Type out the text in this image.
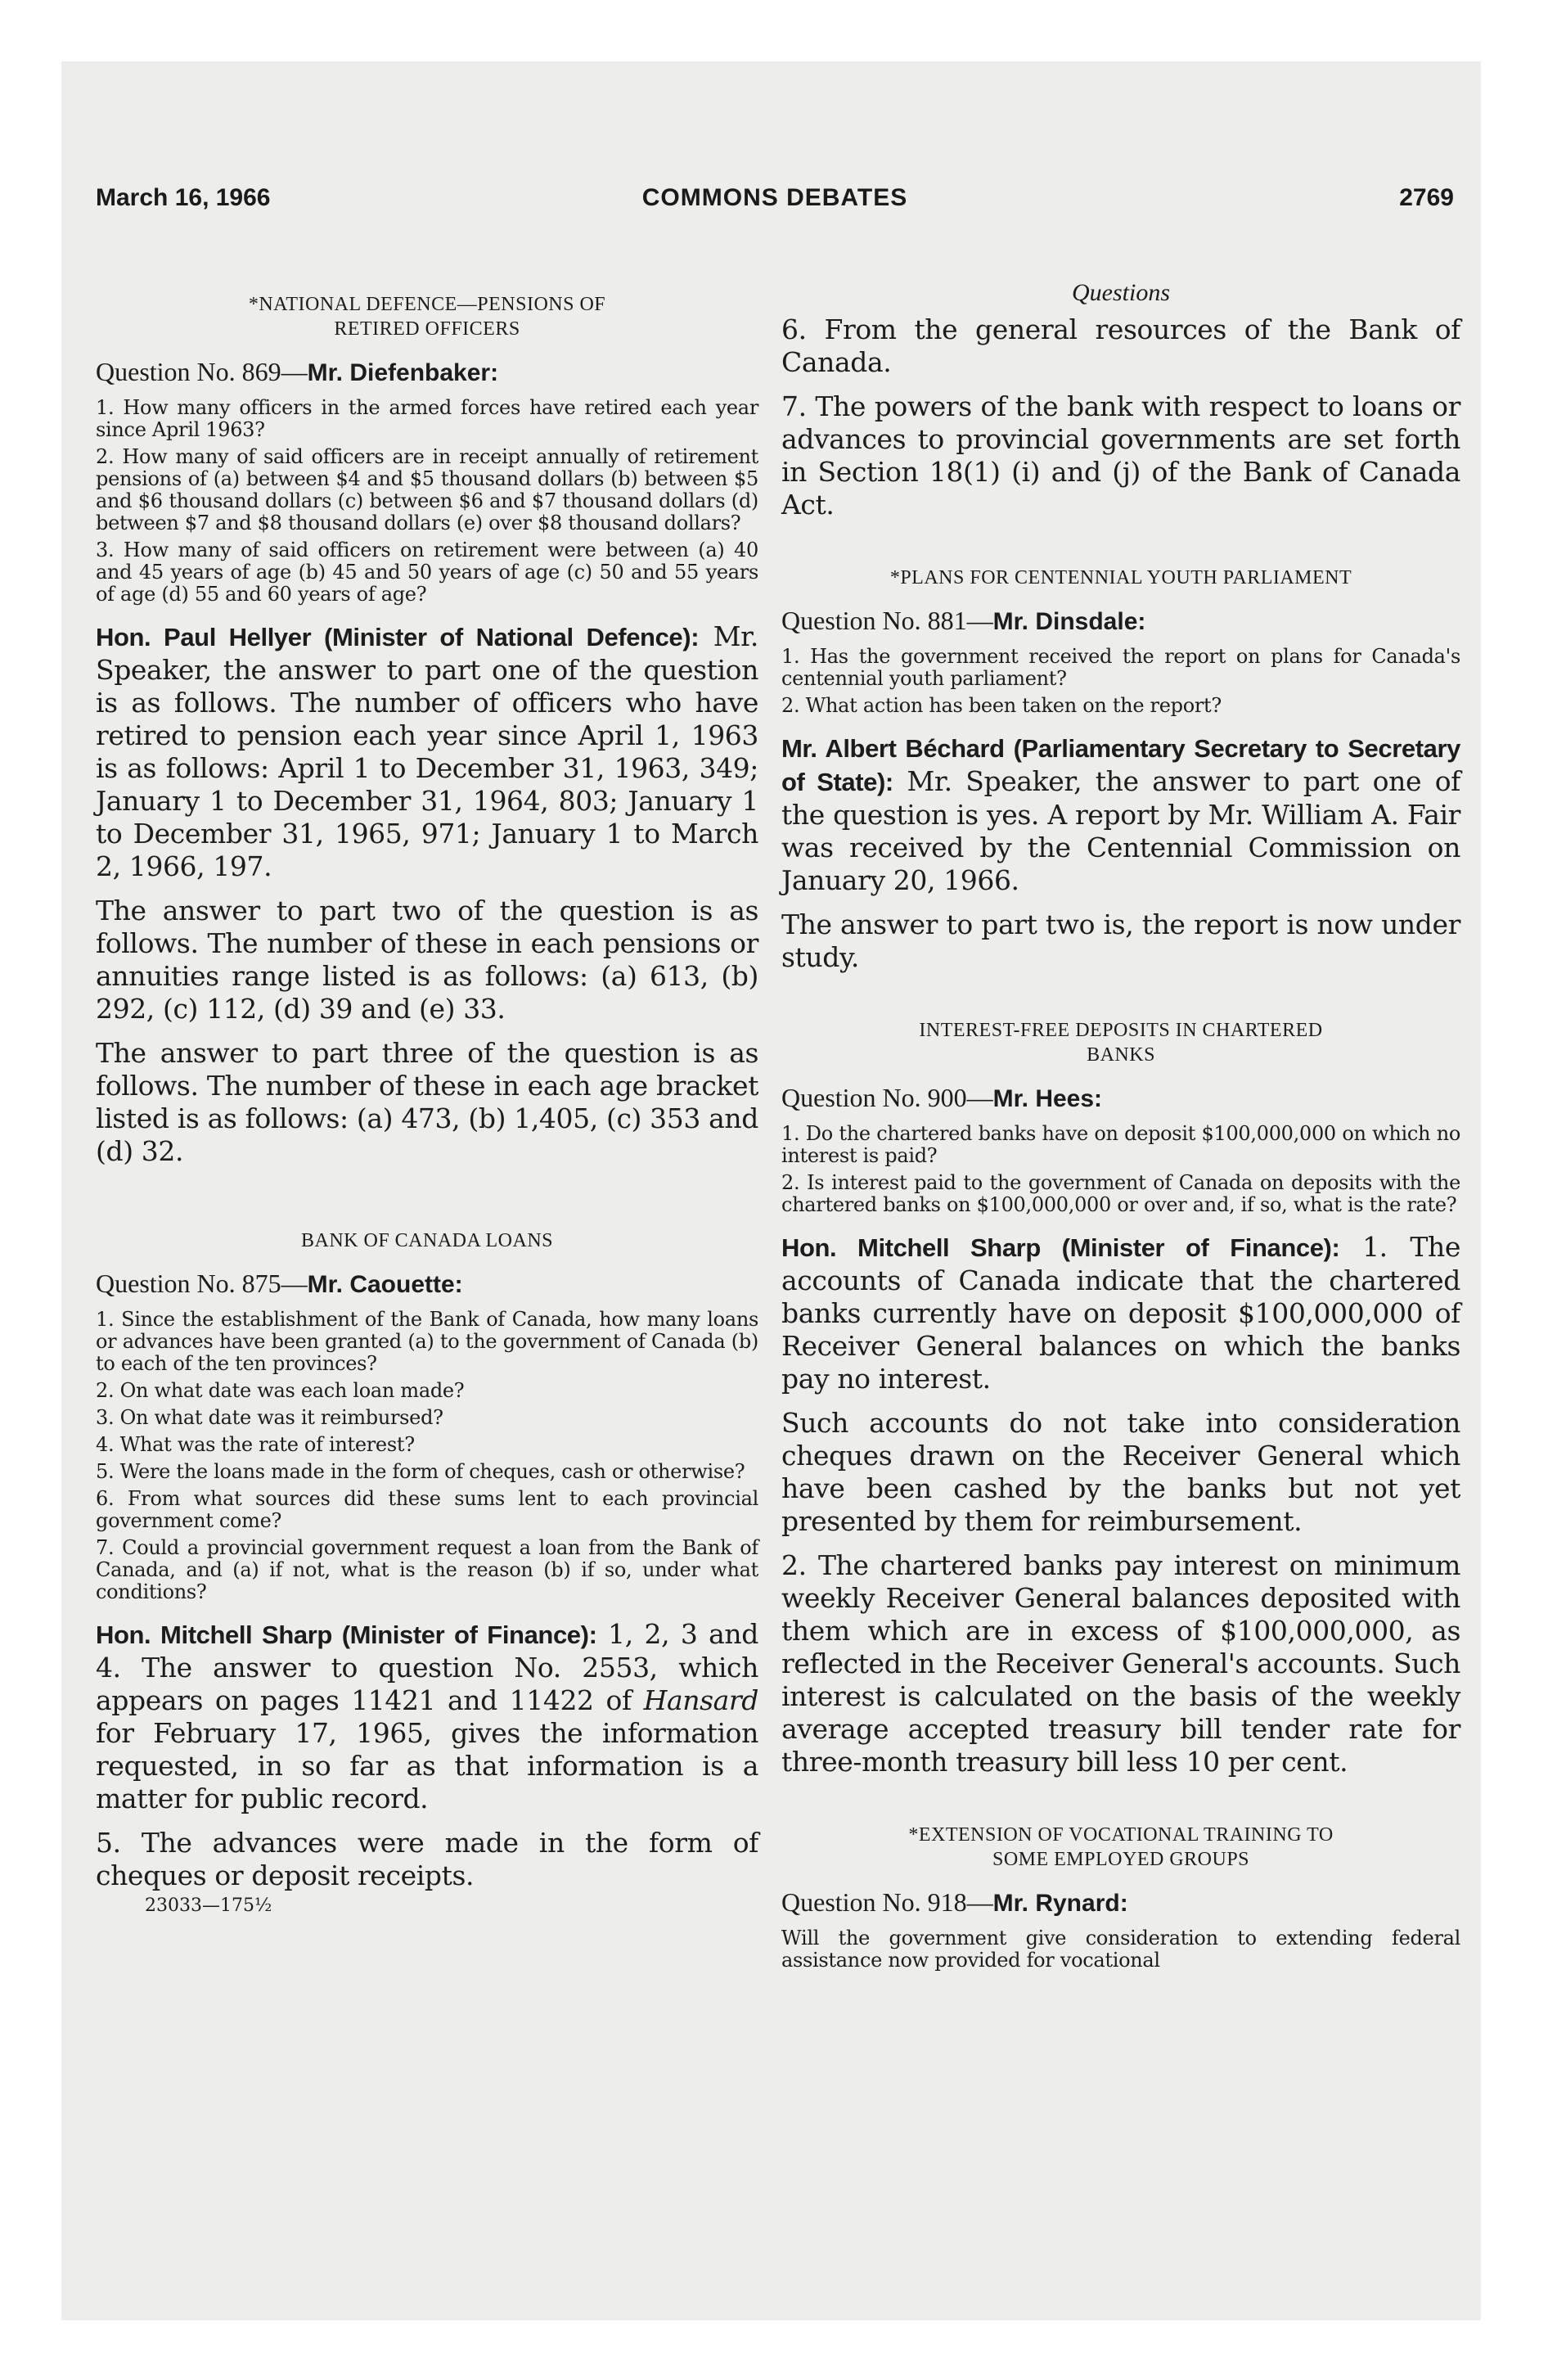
March 16, 1966	COMMONS DEBATES	2769
*NATIONAL DEFENCE—PENSIONS OF
RETIRED OFFICERS
Question No. 869—Mr. Diefenbaker:

1. How many officers in the armed forces have retired each year since April 1963?

2. How many of said officers are in receipt annually of retirement pensions of (a) between $4 and $5 thousand dollars (b) between $5 and $6 thousand dollars (c) between $6 and $7 thousand dollars (d) between $7 and $8 thousand dollars (e) over $8 thousand dollars?

3. How many of said officers on retirement were between (a) 40 and 45 years of age (b) 45 and 50 years of age (c) 50 and 55 years of age (d) 55 and 60 years of age?

Hon. Paul Hellyer (Minister of National Defence): Mr. Speaker, the answer to part one of the question is as follows. The number of officers who have retired to pension each year since April 1, 1963 is as follows: April 1 to December 31, 1963, 349; January 1 to December 31, 1964, 803; January 1 to December 31, 1965, 971; January 1 to March 2, 1966, 197.

The answer to part two of the question is as follows. The number of these in each pensions or annuities range listed is as follows: (a) 613, (b) 292, (c) 112, (d) 39 and (e) 33.

The answer to part three of the question is as follows. The number of these in each age bracket listed is as follows: (a) 473, (b) 1,405, (c) 353 and (d) 32.

BANK OF CANADA LOANS
Question No. 875—Mr. Caouette:

1. Since the establishment of the Bank of Canada, how many loans or advances have been granted (a) to the government of Canada (b) to each of the ten provinces?

2. On what date was each loan made?

3. On what date was it reimbursed?

4. What was the rate of interest?

5. Were the loans made in the form of cheques, cash or otherwise?

6. From what sources did these sums lent to each provincial government come?

7. Could a provincial government request a loan from the Bank of Canada, and (a) if not, what is the reason (b) if so, under what conditions?

Hon. Mitchell Sharp (Minister of Finance): 1, 2, 3 and 4. The answer to question No. 2553, which appears on pages 11421 and 11422 of Hansard for February 17, 1965, gives the information requested, in so far as that information is a matter for public record.

5. The advances were made in the form of cheques or deposit receipts.

23033—175½
Questions

6. From the general resources of the Bank of Canada.

7. The powers of the bank with respect to loans or advances to provincial governments are set forth in Section 18(1) (i) and (j) of the Bank of Canada Act.

*PLANS FOR CENTENNIAL YOUTH PARLIAMENT
Question No. 881—Mr. Dinsdale:

1. Has the government received the report on plans for Canada's centennial youth parliament?

2. What action has been taken on the report?

Mr. Albert Béchard (Parliamentary Secretary to Secretary of State): Mr. Speaker, the answer to part one of the question is yes. A report by Mr. William A. Fair was received by the Centennial Commission on January 20, 1966.

The answer to part two is, the report is now under study.

INTEREST-FREE DEPOSITS IN CHARTERED
BANKS
Question No. 900—Mr. Hees:

1. Do the chartered banks have on deposit $100,000,000 on which no interest is paid?

2. Is interest paid to the government of Canada on deposits with the chartered banks on $100,000,000 or over and, if so, what is the rate?

Hon. Mitchell Sharp (Minister of Finance): 1. The accounts of Canada indicate that the chartered banks currently have on deposit $100,000,000 of Receiver General balances on which the banks pay no interest.

Such accounts do not take into consideration cheques drawn on the Receiver General which have been cashed by the banks but not yet presented by them for reimbursement.

2. The chartered banks pay interest on minimum weekly Receiver General balances deposited with them which are in excess of $100,000,000, as reflected in the Receiver General's accounts. Such interest is calculated on the basis of the weekly average accepted treasury bill tender rate for three-month treasury bill less 10 per cent.

*EXTENSION OF VOCATIONAL TRAINING TO
SOME EMPLOYED GROUPS
Question No. 918—Mr. Rynard:

Will the government give consideration to extending federal assistance now provided for vocational
